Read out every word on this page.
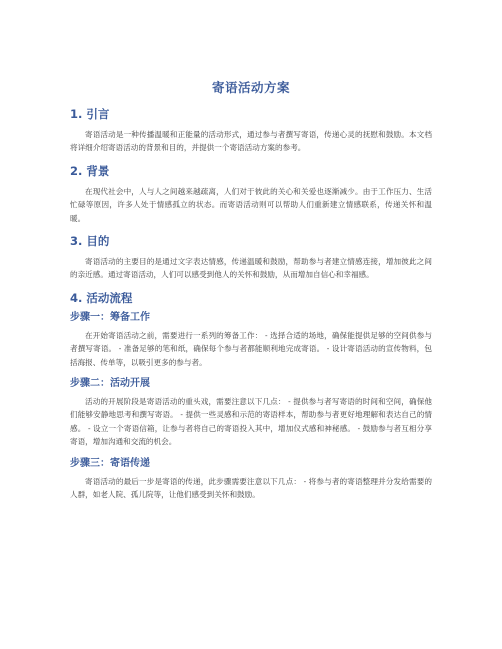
寄语活动方案
1. 引言

寄语活动是一种传播温暖和正能量的活动形式，通过参与者撰写寄语，传递心灵的抚慰和鼓励。本文档将详细介绍寄语活动的背景和目的，并提供一个寄语活动方案的参考。

2. 背景

在现代社会中，人与人之间越来越疏离，人们对于彼此的关心和关爱也逐渐减少。由于工作压力、生活忙碌等原因，许多人处于情感孤立的状态。而寄语活动则可以帮助人们重新建立情感联系，传递关怀和温暖。

3. 目的

寄语活动的主要目的是通过文字表达情感，传递温暖和鼓励，帮助参与者建立情感连接，增加彼此之间的亲近感。通过寄语活动，人们可以感受到他人的关怀和鼓励，从而增加自信心和幸福感。

4. 活动流程
步骤一：筹备工作

在开始寄语活动之前，需要进行一系列的筹备工作： - 选择合适的场地，确保能提供足够的空间供参与者撰写寄语。 - 准备足够的笔和纸，确保每个参与者都能顺利地完成寄语。 - 设计寄语活动的宣传物料，包括海报、传单等，以吸引更多的参与者。

步骤二：活动开展

活动的开展阶段是寄语活动的重头戏，需要注意以下几点： - 提供参与者写寄语的时间和空间，确保他们能够安静地思考和撰写寄语。 - 提供一些灵感和示范的寄语样本，帮助参与者更好地理解和表达自己的情感。 - 设立一个寄语信箱，让参与者将自己的寄语投入其中，增加仪式感和神秘感。 - 鼓励参与者互相分享寄语，增加沟通和交流的机会。

步骤三：寄语传递

寄语活动的最后一步是寄语的传递，此步骤需要注意以下几点： - 将参与者的寄语整理并分发给需要的人群，如老人院、孤儿院等，让他们感受到关怀和鼓励。
